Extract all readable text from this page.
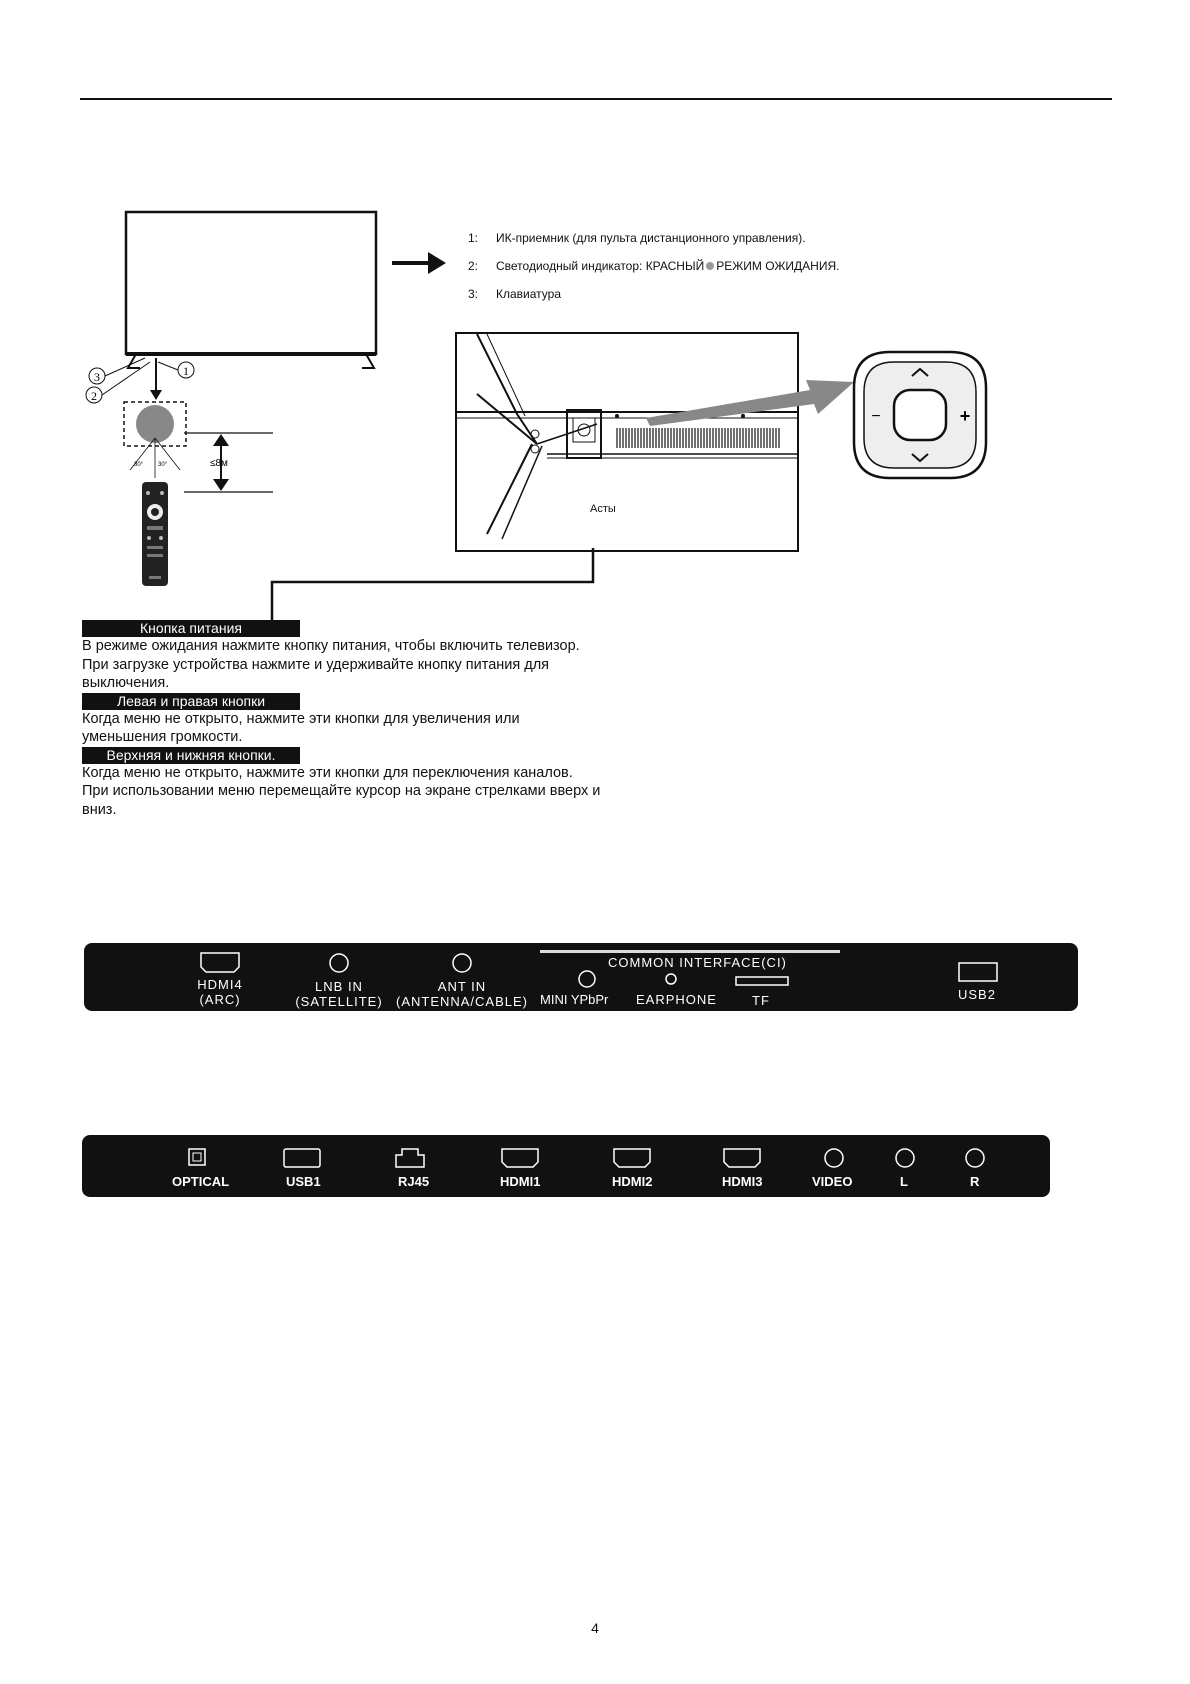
1
3
2
30° 30°	≤8м
1:	ИК-приемник (для пульта дистанционного управления).
2:	Светодиодный индикатор: КРАСНЫЙ РЕЖИМ ОЖИДАНИЯ.
3:	Клавиатура
Асты
−	+
Кнопка питания

В режиме ожидания нажмите кнопку питания, чтобы включить телевизор.

При загрузке устройства нажмите и удерживайте кнопку питания для выключения.

Левая и правая кнопки

Когда меню не открыто, нажмите эти кнопки для увеличения или уменьшения громкости.

Верхняя и нижняя кнопки.

Когда меню не открыто, нажмите эти кнопки для переключения каналов.

При использовании меню перемещайте курсор на экране стрелками вверх и вниз.

COMMON INTERFACE(CI)
HDMI4
(ARC)
LNB IN
(SATELLITE)
ANT IN
(ANTENNA/CABLE) MINI YPbPr EARPHONE	TF	USB2
OPTICAL	USB1	RJ45	HDMI1	HDMI2	HDMI3	VIDEO	L	R
4
